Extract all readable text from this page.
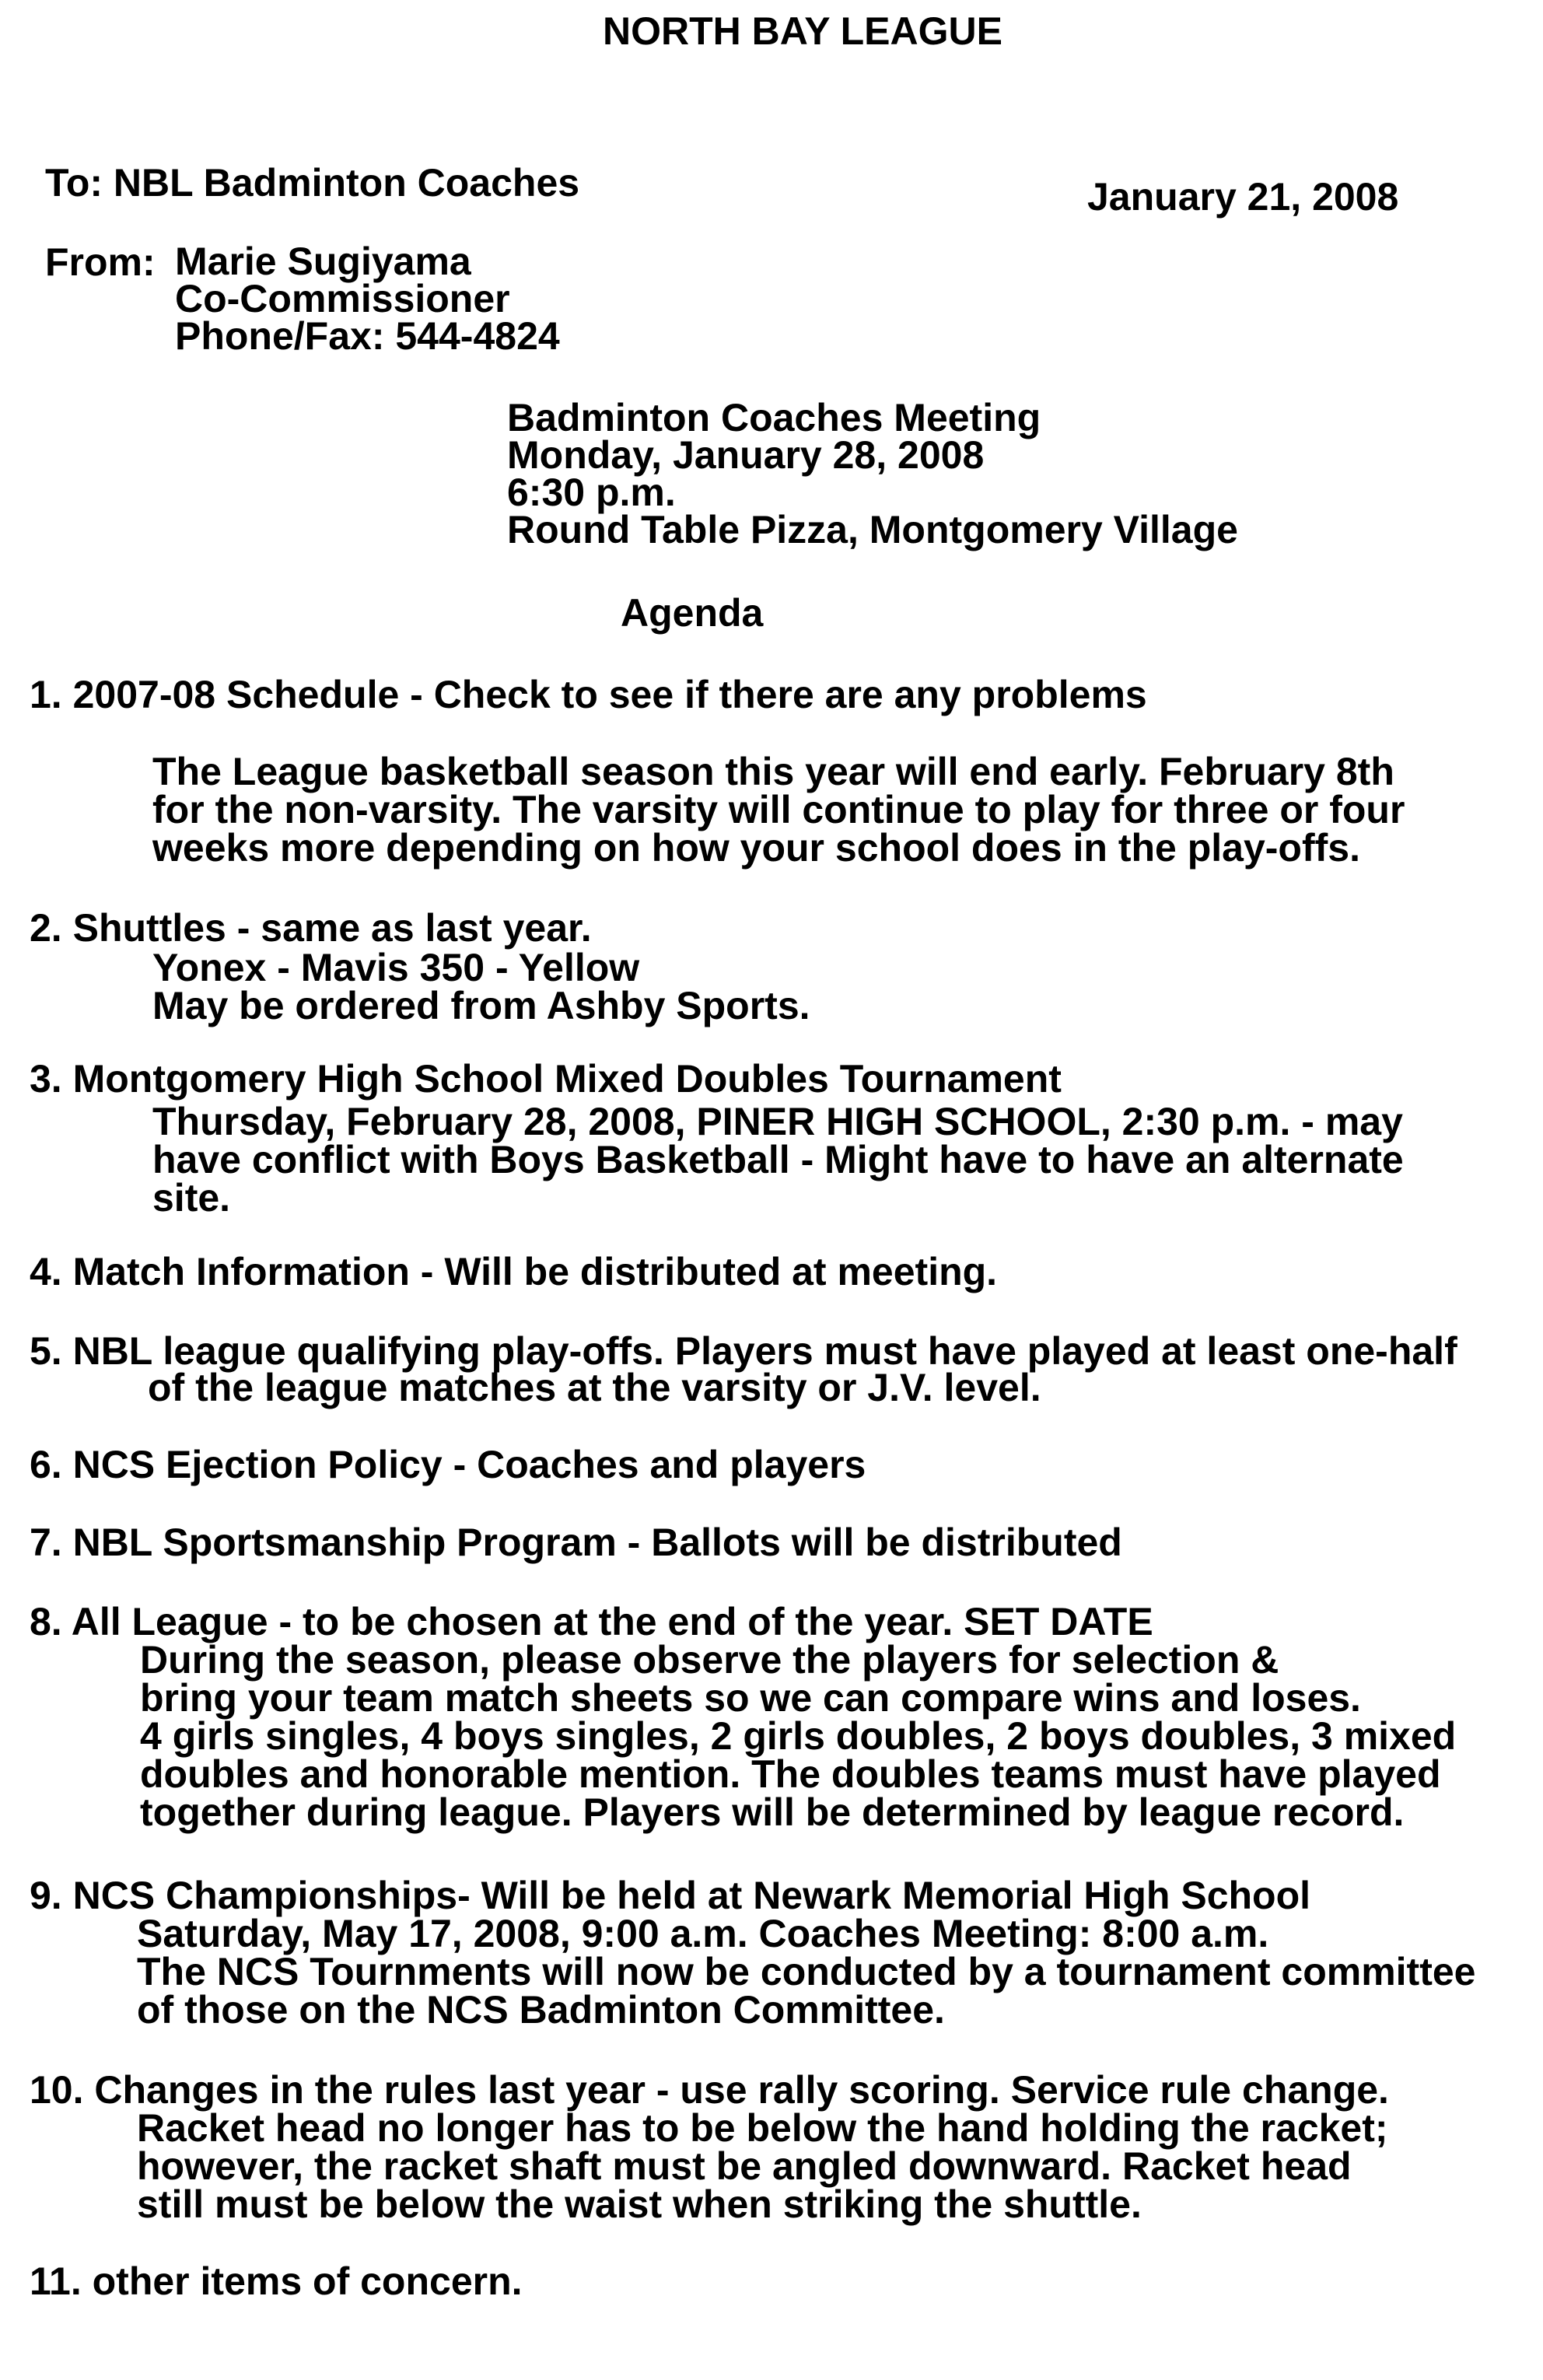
NORTH BAY LEAGUE
To: NBL Badminton Coaches	January 21, 2008
From: Marie Sugiyama
Co-Commissioner
Phone/Fax: 544-4824
Badminton Coaches Meeting
Monday, January 28, 2008
6:30 p.m.
Round Table Pizza, Montgomery Village
Agenda
1. 2007-08 Schedule - Check to see if there are any problems
The League basketball season this year will end early. February 8th
for the non-varsity. The varsity will continue to play for three or four
weeks more depending on how your school does in the play-offs.
2. Shuttles - same as last year.
Yonex - Mavis 350 - Yellow
May be ordered from Ashby Sports.
3. Montgomery High School Mixed Doubles Tournament
Thursday, February 28, 2008, PINER HIGH SCHOOL, 2:30 p.m. - may
have conflict with Boys Basketball - Might have to have an alternate
site.
4. Match Information - Will be distributed at meeting.
5. NBL league qualifying play-offs. Players must have played at least one-half
of the league matches at the varsity or J.V. level.
6. NCS Ejection Policy - Coaches and players
7. NBL Sportsmanship Program - Ballots will be distributed
8. All League - to be chosen at the end of the year. SET DATE
During the season, please observe the players for selection &
bring your team match sheets so we can compare wins and loses.
4 girls singles, 4 boys singles, 2 girls doubles, 2 boys doubles, 3 mixed
doubles and honorable mention. The doubles teams must have played
together during league. Players will be determined by league record.
9. NCS Championships- Will be held at Newark Memorial High School
Saturday, May 17, 2008, 9:00 a.m. Coaches Meeting: 8:00 a.m.
The NCS Tournments will now be conducted by a tournament committee
of those on the NCS Badminton Committee.
10. Changes in the rules last year - use rally scoring. Service rule change.
Racket head no longer has to be below the hand holding the racket;
however, the racket shaft must be angled downward. Racket head
still must be below the waist when striking the shuttle.
11. other items of concern.
